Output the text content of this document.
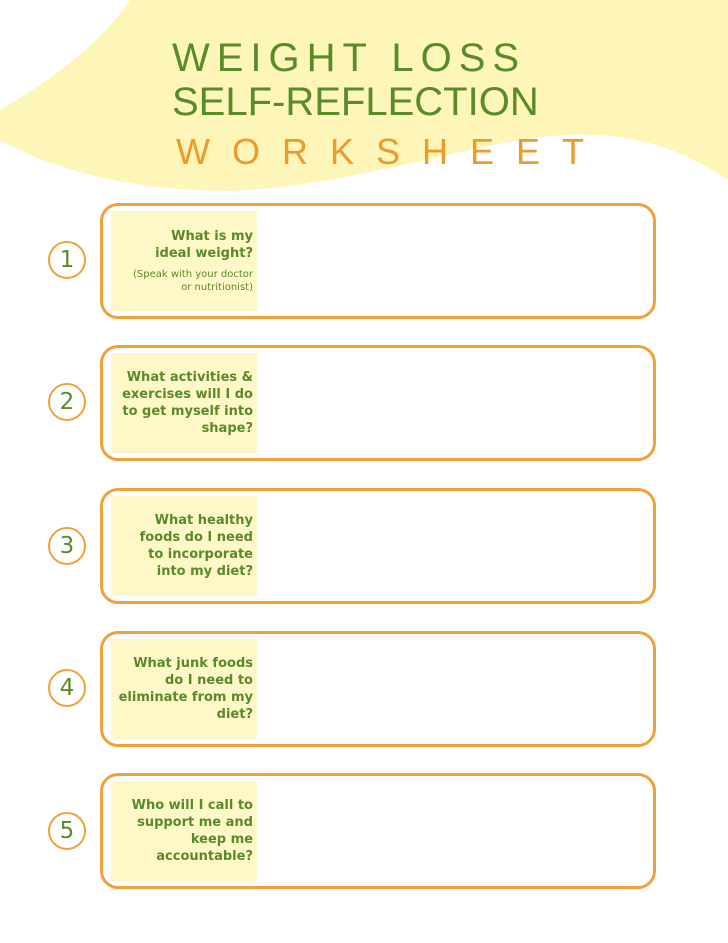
WEIGHT LOSS
SELF-REFLECTION
WORKSHEET
1
What is my ideal weight?
(Speak with your doctor or nutritionist)
2
What activities & exercises will I do to get myself into shape?
3
What healthy foods do I need to incorporate into my diet?
4
What junk foods do I need to eliminate from my diet?
5
Who will I call to support me and keep me accountable?
